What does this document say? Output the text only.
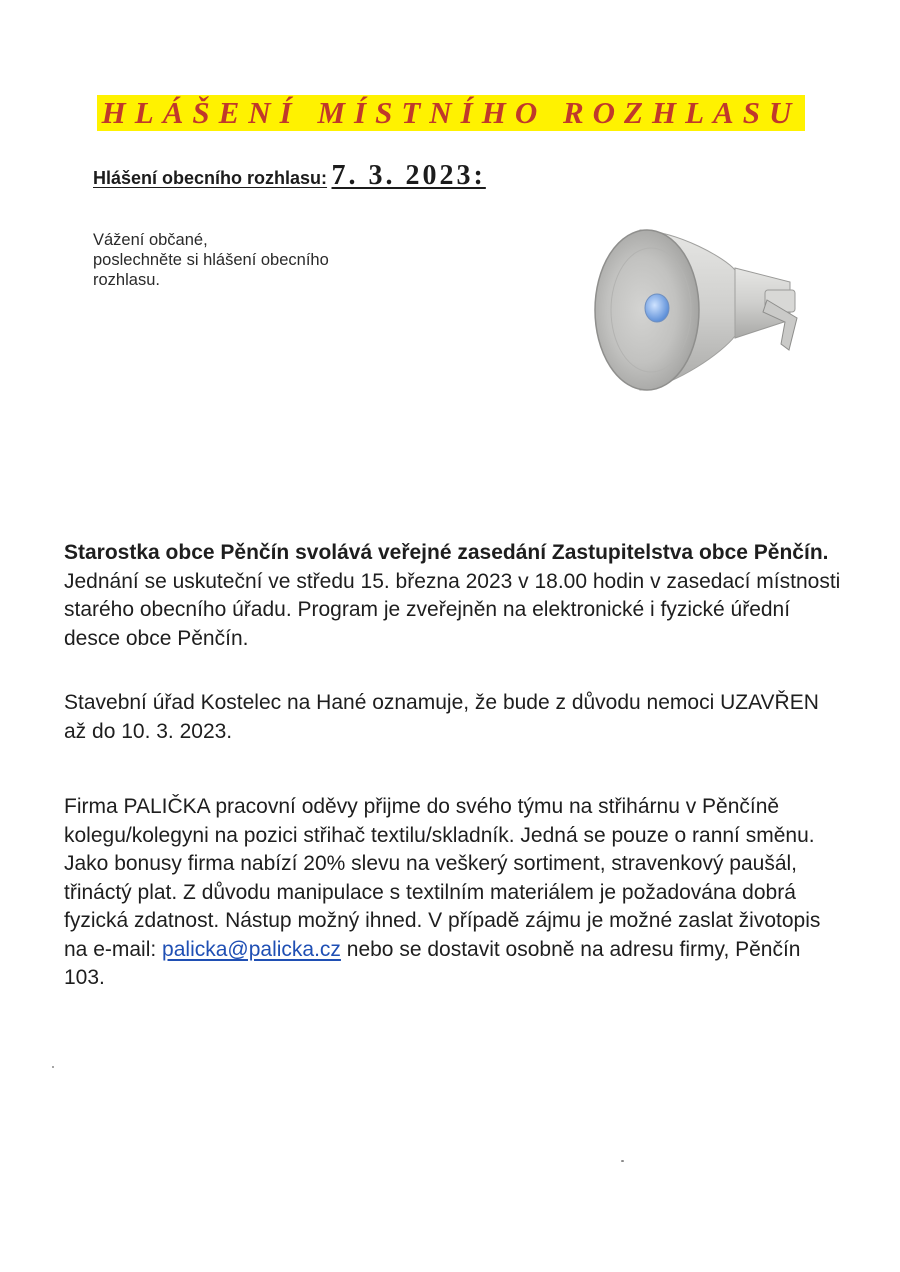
HLÁŠENÍ MÍSTNÍHO ROZHLASU
Hlášení obecního rozhlasu: 7. 3. 2023:
Vážení občané,
poslechněte si hlášení obecního
rozhlasu.
Starostka obce Pěnčín svolává veřejné zasedání Zastupitelstva obce Pěnčín. Jednání se uskuteční ve středu 15. března 2023 v 18.00 hodin v zasedací místnosti starého obecního úřadu. Program je zveřejněn na elektronické i fyzické úřední desce obce Pěnčín.
Stavební úřad Kostelec na Hané oznamuje, že bude z důvodu nemoci UZAVŘEN až do 10. 3. 2023.
Firma PALIČKA pracovní oděvy přijme do svého týmu na střihárnu v Pěnčíně kolegu/kolegyni na pozici střihač textilu/skladník. Jedná se pouze o ranní směnu. Jako bonusy firma nabízí 20% slevu na veškerý sortiment, stravenkový paušál, třináctý plat. Z důvodu manipulace s textilním materiálem je požadována dobrá fyzická zdatnost. Nástup možný ihned. V případě zájmu je možné zaslat životopis na e-mail: palicka@palicka.cz nebo se dostavit osobně na adresu firmy, Pěnčín 103.
